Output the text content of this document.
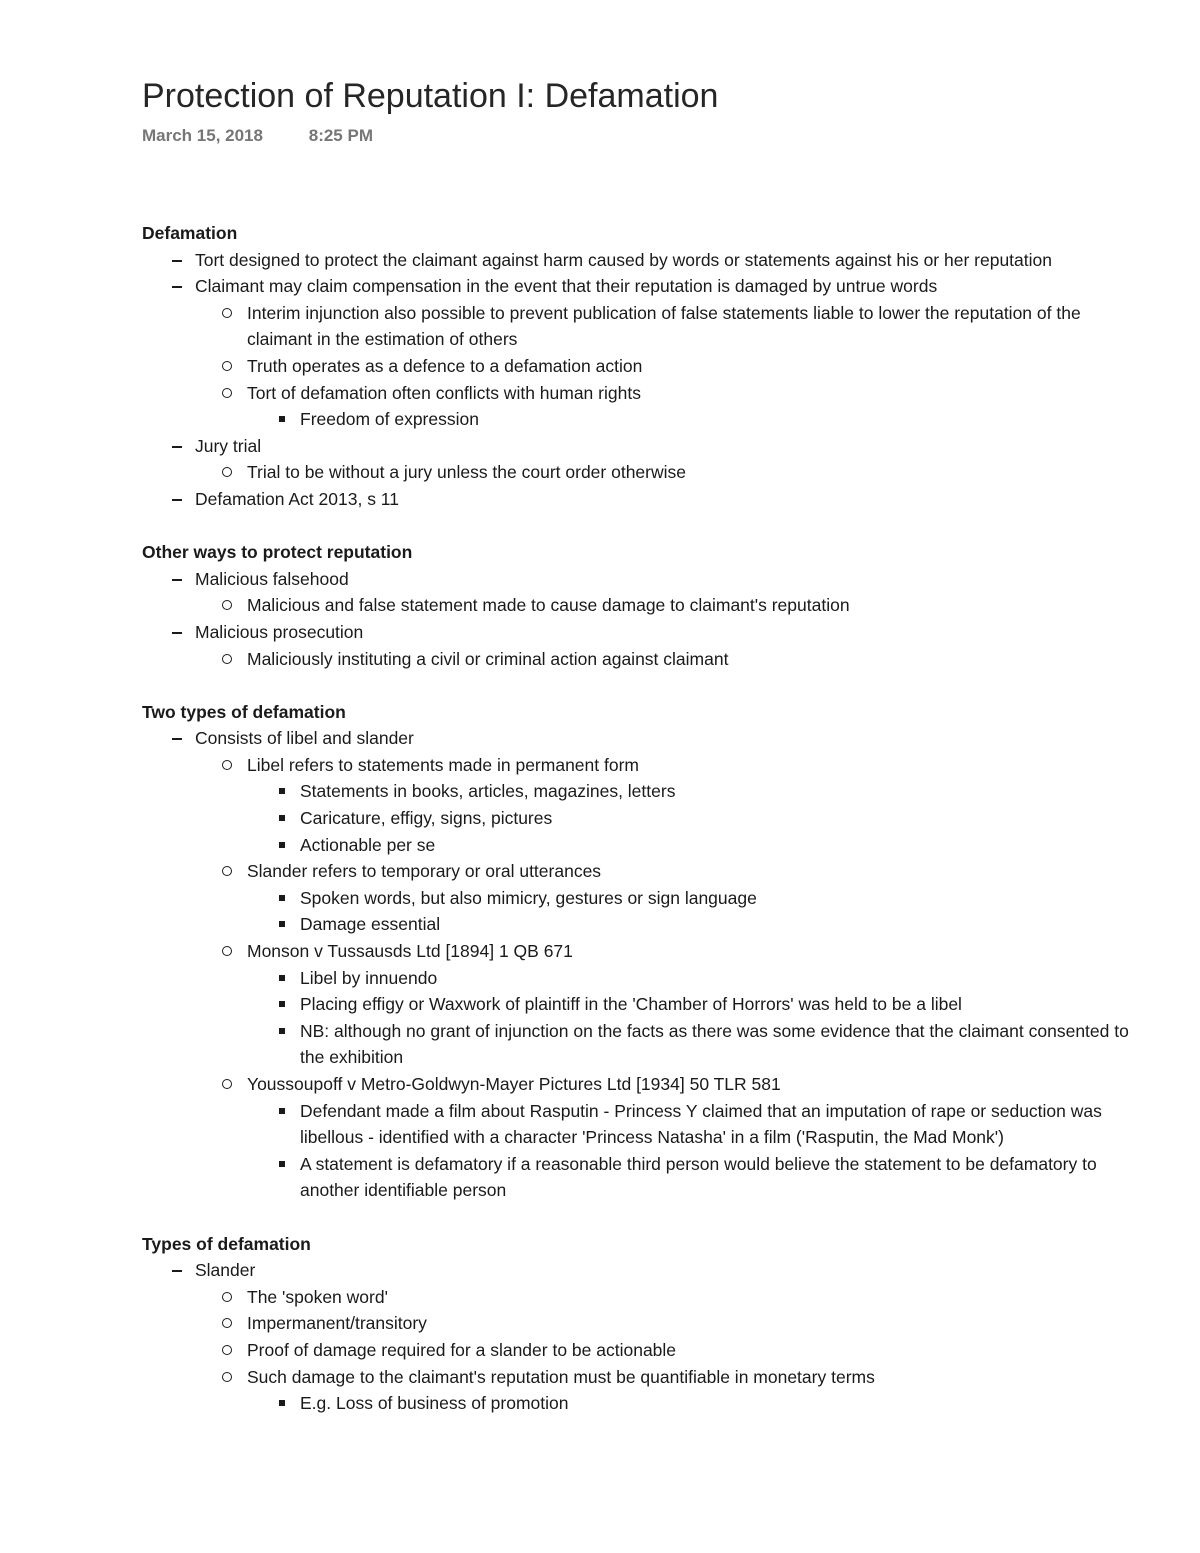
Protection of Reputation I: Defamation
March 15, 2018	8:25 PM
Defamation
Tort designed to protect the claimant against harm caused by words or statements against his or her reputation
Claimant may claim compensation in the event that their reputation is damaged by untrue words
Interim injunction also possible to prevent publication of false statements liable to lower the reputation of the claimant in the estimation of others
Truth operates as a defence to a defamation action
Tort of defamation often conflicts with human rights
Freedom of expression
Jury trial
Trial to be without a jury unless the court order otherwise
Defamation Act 2013, s 11
Other ways to protect reputation
Malicious falsehood
Malicious and false statement made to cause damage to claimant's reputation
Malicious prosecution
Maliciously instituting a civil or criminal action against claimant
Two types of defamation
Consists of libel and slander
Libel refers to statements made in permanent form
Statements in books, articles, magazines, letters
Caricature, effigy, signs, pictures
Actionable per se
Slander refers to temporary or oral utterances
Spoken words, but also mimicry, gestures or sign language
Damage essential
Monson v Tussausds Ltd [1894] 1 QB 671
Libel by innuendo
Placing effigy or Waxwork of plaintiff in the 'Chamber of Horrors' was held to be a libel
NB: although no grant of injunction on the facts as there was some evidence that the claimant consented to the exhibition
Youssoupoff v Metro-Goldwyn-Mayer Pictures Ltd [1934] 50 TLR 581
Defendant made a film about Rasputin - Princess Y claimed that an imputation of rape or seduction was libellous - identified with a character 'Princess Natasha' in a film ('Rasputin, the Mad Monk')
A statement is defamatory if a reasonable third person would believe the statement to be defamatory to another identifiable person
Types of defamation
Slander
The 'spoken word'
Impermanent/transitory
Proof of damage required for a slander to be actionable
Such damage to the claimant's reputation must be quantifiable in monetary terms
E.g. Loss of business of promotion
